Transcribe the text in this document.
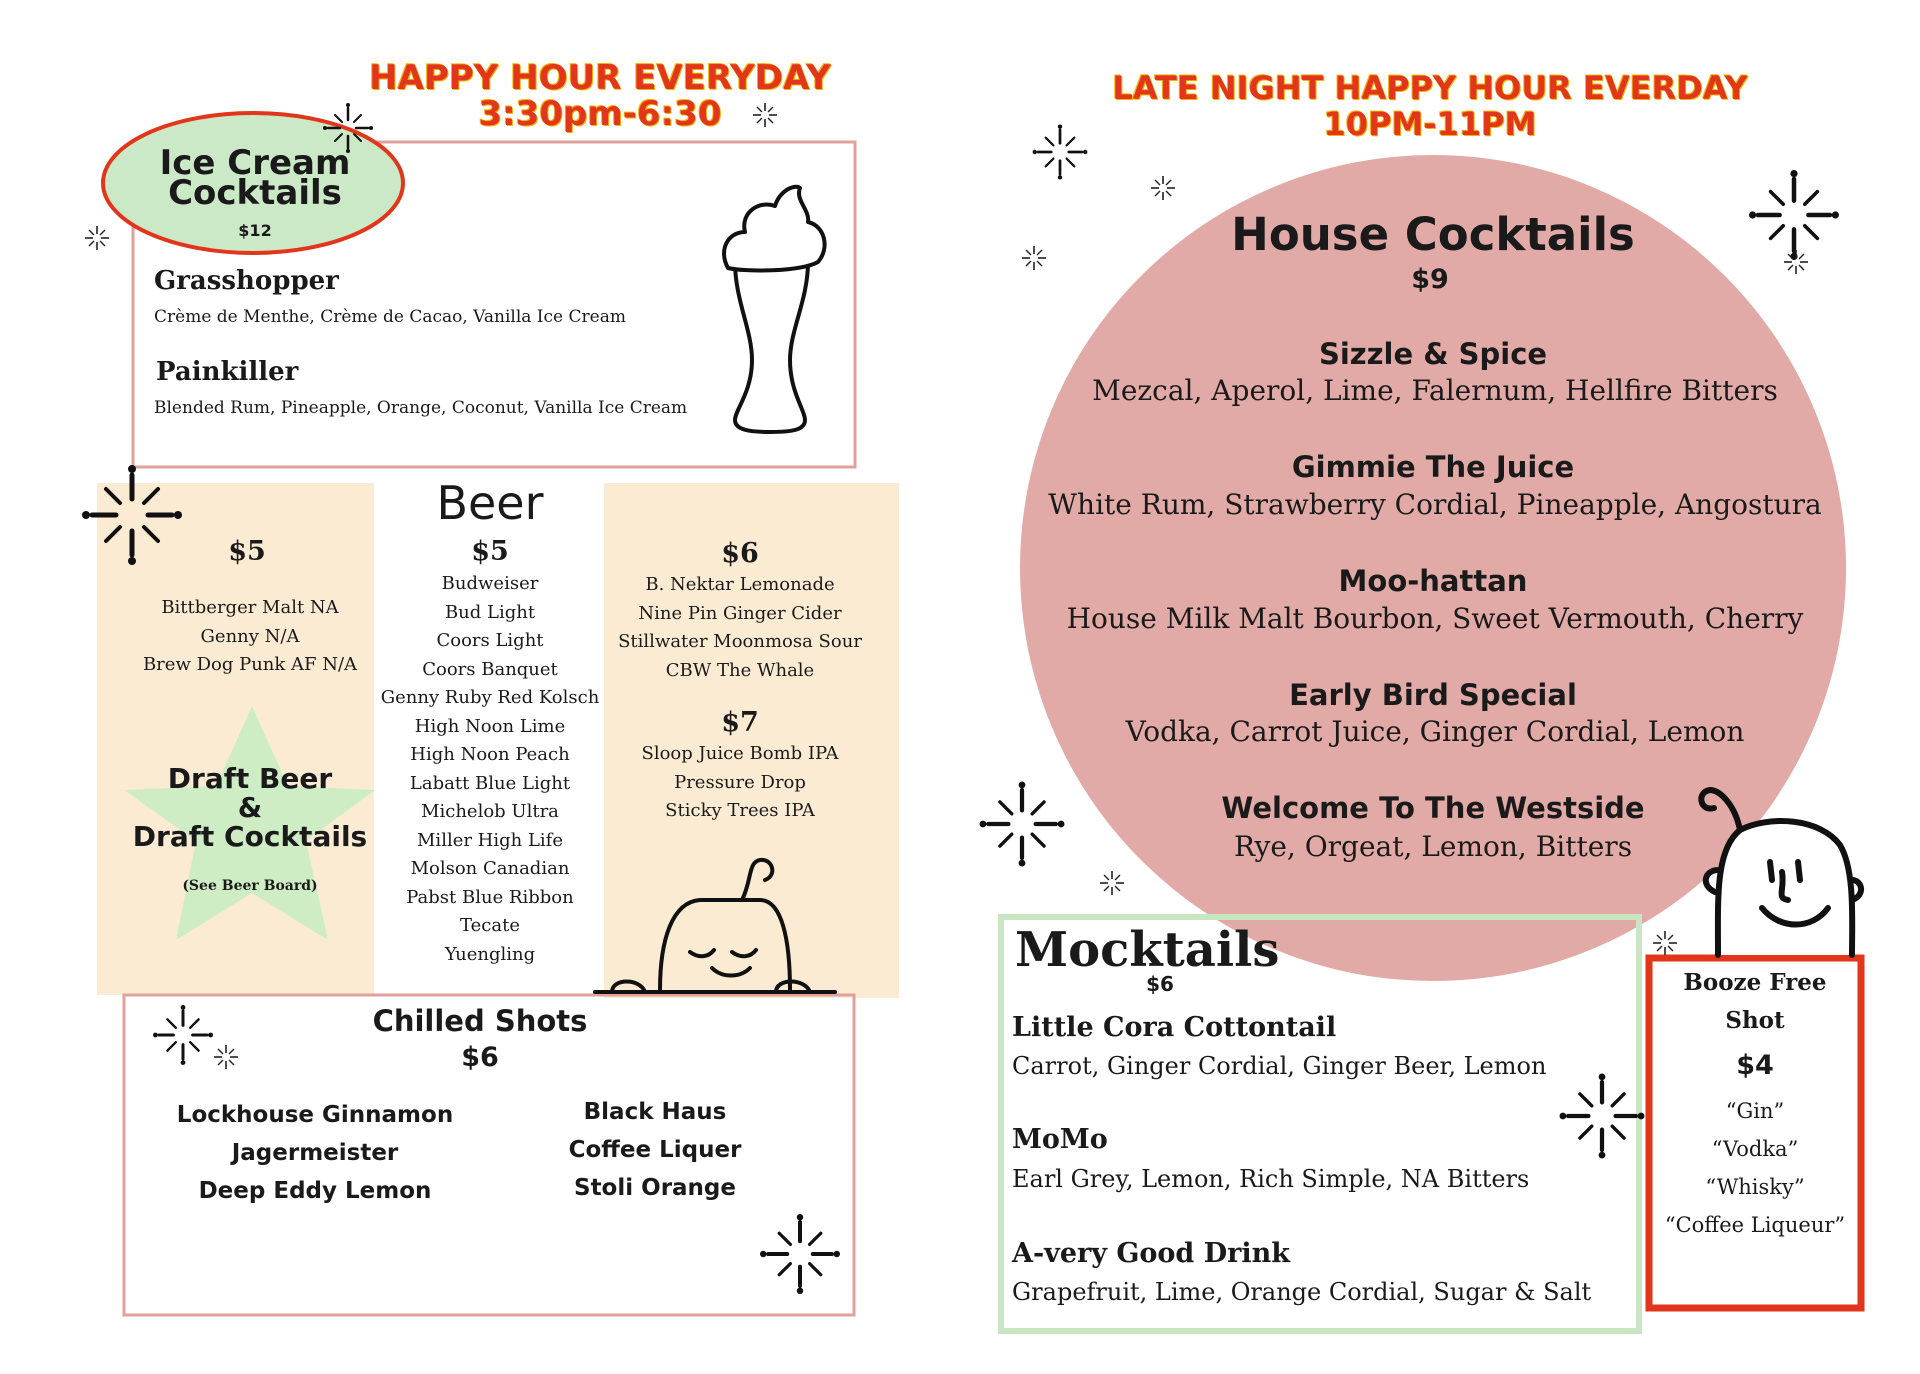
HAPPY HOUR EVERYDAY
3:30pm-6:30
Ice Cream
Cocktails
$12
Grasshopper
Crème de Menthe, Crème de Cacao, Vanilla Ice Cream
Painkiller
Blended Rum, Pineapple, Orange, Coconut, Vanilla Ice Cream
$5
Bittberger Malt NA
Genny N/A
Brew Dog Punk AF N/A
Draft Beer
&
Draft Cocktails
(See Beer Board)
Beer
$5
Budweiser
Bud Light
Coors Light
Coors Banquet
Genny Ruby Red Kolsch
High Noon Lime
High Noon Peach
Labatt Blue Light
Michelob Ultra
Miller High Life
Molson Canadian
Pabst Blue Ribbon
Tecate
Yuengling
$6
B. Nektar Lemonade
Nine Pin Ginger Cider
Stillwater Moonmosa Sour
CBW The Whale
$7
Sloop Juice Bomb IPA
Pressure Drop
Sticky Trees IPA
Chilled Shots
$6
Lockhouse Ginnamon
Jagermeister
Deep Eddy Lemon
Black Haus
Coffee Liquer
Stoli Orange
LATE NIGHT HAPPY HOUR EVERDAY
10PM-11PM
House Cocktails
$9
Sizzle & Spice
Mezcal, Aperol, Lime, Falernum, Hellfire Bitters
Gimmie The Juice
White Rum, Strawberry Cordial, Pineapple, Angostura
Moo-hattan
House Milk Malt Bourbon, Sweet Vermouth, Cherry
Early Bird Special
Vodka, Carrot Juice, Ginger Cordial, Lemon
Welcome To The Westside
Rye, Orgeat, Lemon, Bitters
Mocktails
$6
Little Cora Cottontail
Carrot, Ginger Cordial, Ginger Beer, Lemon
MoMo
Earl Grey, Lemon, Rich Simple, NA Bitters
A-very Good Drink
Grapefruit, Lime, Orange Cordial, Sugar & Salt
Booze Free
Shot
$4
“Gin”
“Vodka”
“Whisky”
“Coffee Liqueur”
